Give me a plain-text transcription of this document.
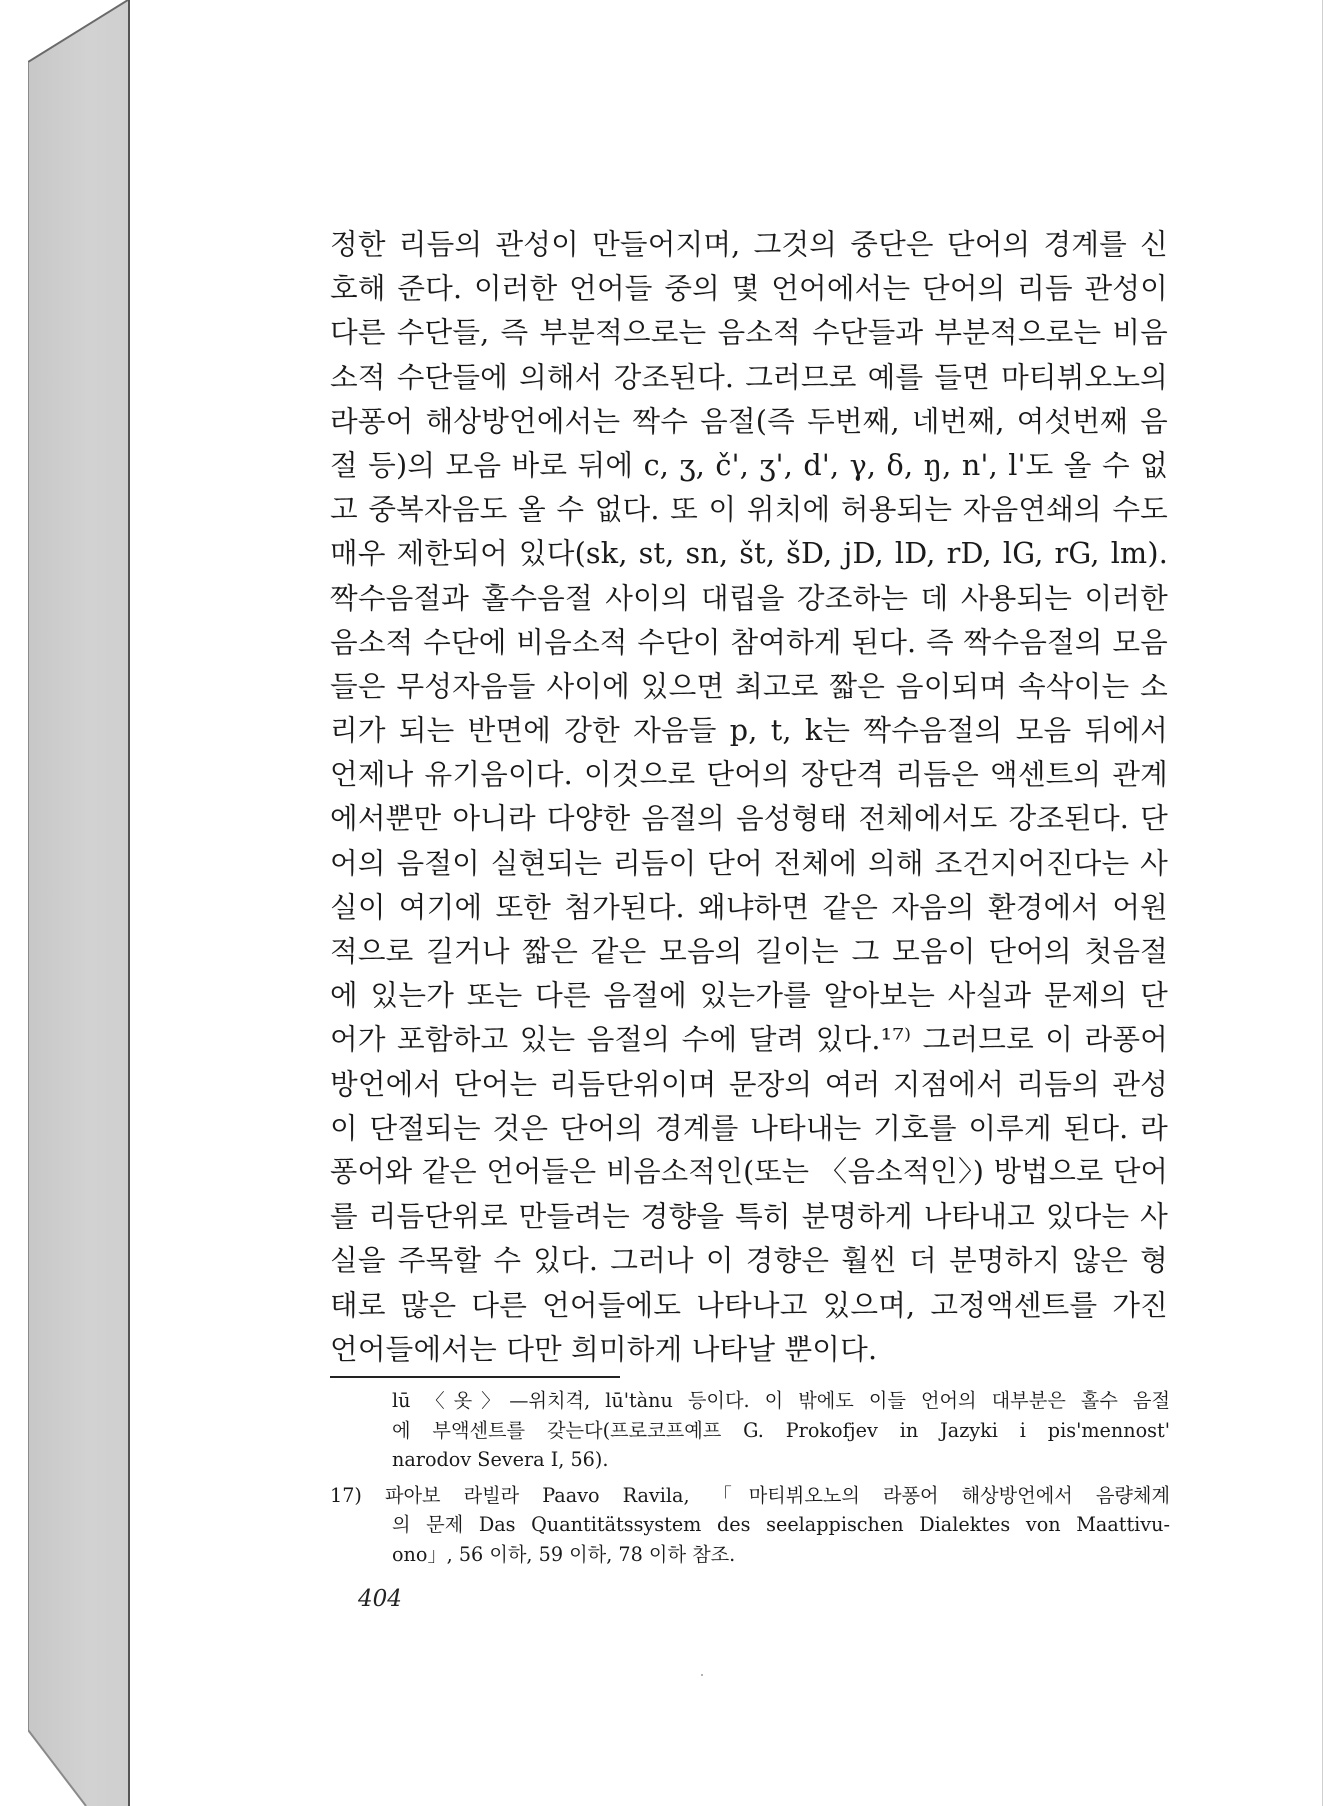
정한 리듬의 관성이 만들어지며, 그것의 중단은 단어의 경계를 신
호해 준다. 이러한 언어들 중의 몇 언어에서는 단어의 리듬 관성이
다른 수단들, 즉 부분적으로는 음소적 수단들과 부분적으로는 비음
소적 수단들에 의해서 강조된다. 그러므로 예를 들면 마티뷔오노의
라퐁어 해상방언에서는 짝수 음절(즉 두번째, 네번째, 여섯번째 음
절 등)의 모음 바로 뒤에 c, ʒ, č', ʒ', d', γ, δ, ŋ, n', l'도 올 수 없
고 중복자음도 올 수 없다. 또 이 위치에 허용되는 자음연쇄의 수도
매우 제한되어 있다(sk, st, sn, št, šD, jD, lD, rD, lG, rG, lm).
짝수음절과 홀수음절 사이의 대립을 강조하는 데 사용되는 이러한
음소적 수단에 비음소적 수단이 참여하게 된다. 즉 짝수음절의 모음
들은 무성자음들 사이에 있으면 최고로 짧은 음이되며 속삭이는 소
리가 되는 반면에 강한 자음들 p, t, k는 짝수음절의 모음 뒤에서
언제나 유기음이다. 이것으로 단어의 장단격 리듬은 액센트의 관계
에서뿐만 아니라 다양한 음절의 음성형태 전체에서도 강조된다. 단
어의 음절이 실현되는 리듬이 단어 전체에 의해 조건지어진다는 사
실이 여기에 또한 첨가된다. 왜냐하면 같은 자음의 환경에서 어원
적으로 길거나 짧은 같은 모음의 길이는 그 모음이 단어의 첫음절
에 있는가 또는 다른 음절에 있는가를 알아보는 사실과 문제의 단
어가 포함하고 있는 음절의 수에 달려 있다.¹⁷⁾ 그러므로 이 라퐁어
방언에서 단어는 리듬단위이며 문장의 여러 지점에서 리듬의 관성
이 단절되는 것은 단어의 경계를 나타내는 기호를 이루게 된다. 라
퐁어와 같은 언어들은 비음소적인(또는 〈음소적인〉) 방법으로 단어
를 리듬단위로 만들려는 경향을 특히 분명하게 나타내고 있다는 사
실을 주목할 수 있다. 그러나 이 경향은 훨씬 더 분명하지 않은 형
태로 많은 다른 언어들에도 나타나고 있으며, 고정액센트를 가진
언어들에서는 다만 희미하게 나타날 뿐이다.
lū 〈옷〉—위치격, lū'tànu 등이다. 이 밖에도 이들 언어의 대부분은 홀수 음절
에 부액센트를 갖는다(프로코프예프 G. Prokofjev in Jazyki i pis'mennost'
narodov Severa Ⅰ, 56).
17) 파아보 라빌라 Paavo Ravila, 「마티뷔오노의 라퐁어 해상방언에서 음량체계
의 문제 Das Quantitätssystem des seelappischen Dialektes von Maattivu-
ono」, 56 이하, 59 이하, 78 이하 참조.
404
